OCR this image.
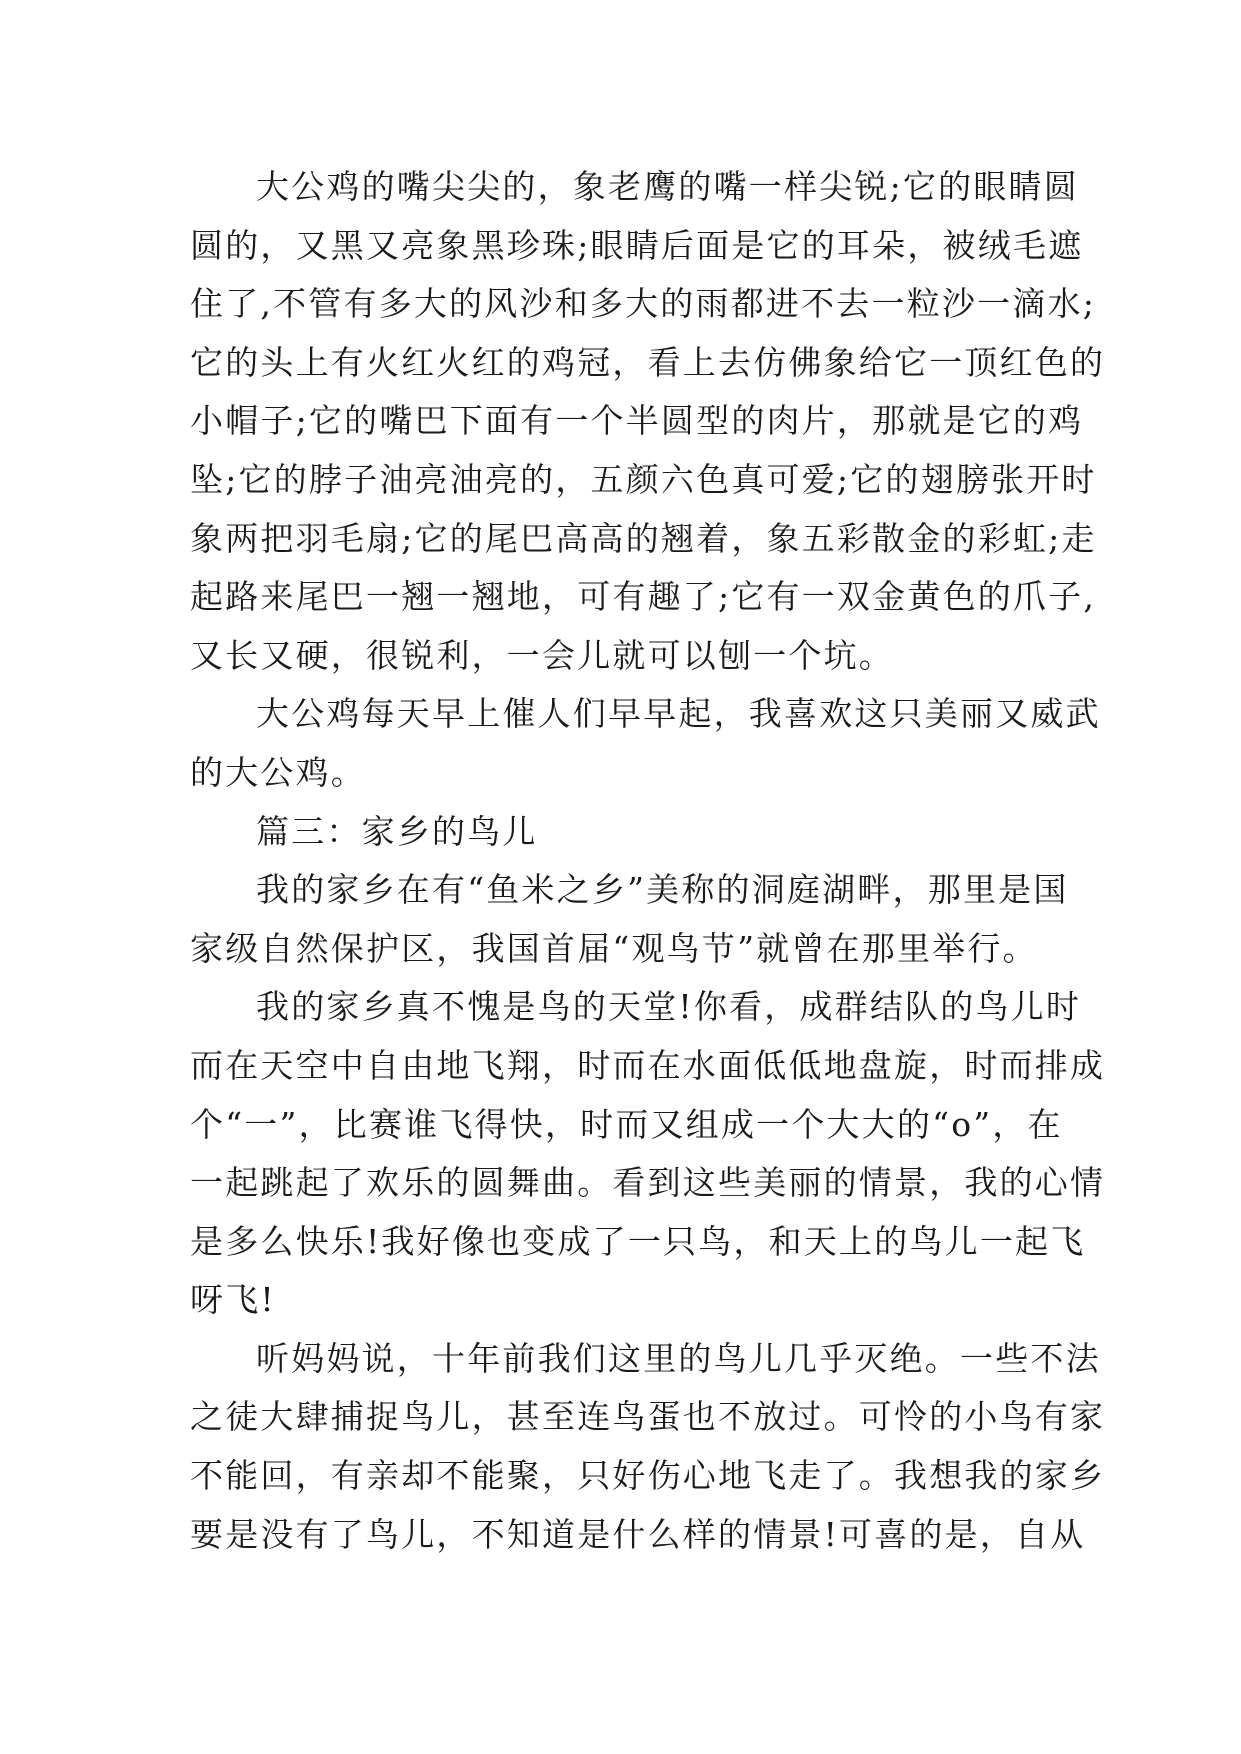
大公鸡的嘴尖尖的，象老鹰的嘴一样尖锐;它的眼睛圆
圆的，又黑又亮象黑珍珠;眼睛后面是它的耳朵，被绒毛遮
住了,不管有多大的风沙和多大的雨都进不去一粒沙一滴水;
它的头上有火红火红的鸡冠，看上去仿佛象给它一顶红色的
小帽子;它的嘴巴下面有一个半圆型的肉片，那就是它的鸡
坠;它的脖子油亮油亮的，五颜六色真可爱;它的翅膀张开时
象两把羽毛扇;它的尾巴高高的翘着，象五彩散金的彩虹;走
起路来尾巴一翘一翘地，可有趣了;它有一双金黄色的爪子,
又长又硬，很锐利，一会儿就可以刨一个坑。
大公鸡每天早上催人们早早起，我喜欢这只美丽又威武
的大公鸡。
篇三：家乡的鸟儿
我的家乡在有“鱼米之乡”美称的洞庭湖畔，那里是国
家级自然保护区，我国首届“观鸟节”就曾在那里举行。
我的家乡真不愧是鸟的天堂!你看，成群结队的鸟儿时
而在天空中自由地飞翔，时而在水面低低地盘旋，时而排成
个“一”，比赛谁飞得快，时而又组成一个大大的“o”，在
一起跳起了欢乐的圆舞曲。看到这些美丽的情景，我的心情
是多么快乐!我好像也变成了一只鸟，和天上的鸟儿一起飞
呀飞!
听妈妈说，十年前我们这里的鸟儿几乎灭绝。一些不法
之徒大肆捕捉鸟儿，甚至连鸟蛋也不放过。可怜的小鸟有家
不能回，有亲却不能聚，只好伤心地飞走了。我想我的家乡
要是没有了鸟儿，不知道是什么样的情景!可喜的是，自从
